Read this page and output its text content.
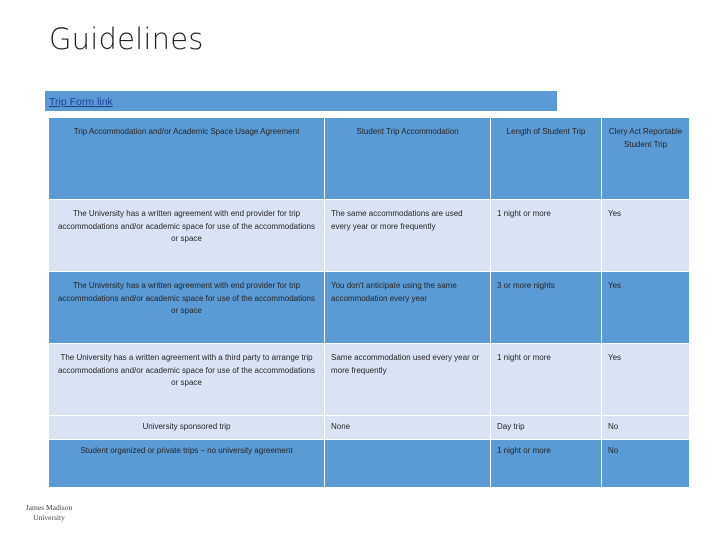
Guidelines
Trip Form link
Trip Accommodation and/or Academic Space Usage Agreement	Student Trip Accommodation	Length of Student Trip	Clery Act Reportable Student Trip
The University has a written agreement with end provider for trip accommodations and/or academic space for use of the accommodations or space	The same accommodations are used every year or more frequently	1 night or more	Yes
The University has a written agreement with end provider for trip accommodations and/or academic space for use of the accommodations or space	You don't anticipate using the same accommodation every year	3 or more nights	Yes
The University has a written agreement with a third party to arrange trip accommodations and/or academic space for use of the accommodations or space	Same accommodation used every year or more frequently	1 night or more	Yes
University sponsored trip	None	Day trip	No
Student organized or private trips – no university agreement		1 night or more	No
James Madison University
